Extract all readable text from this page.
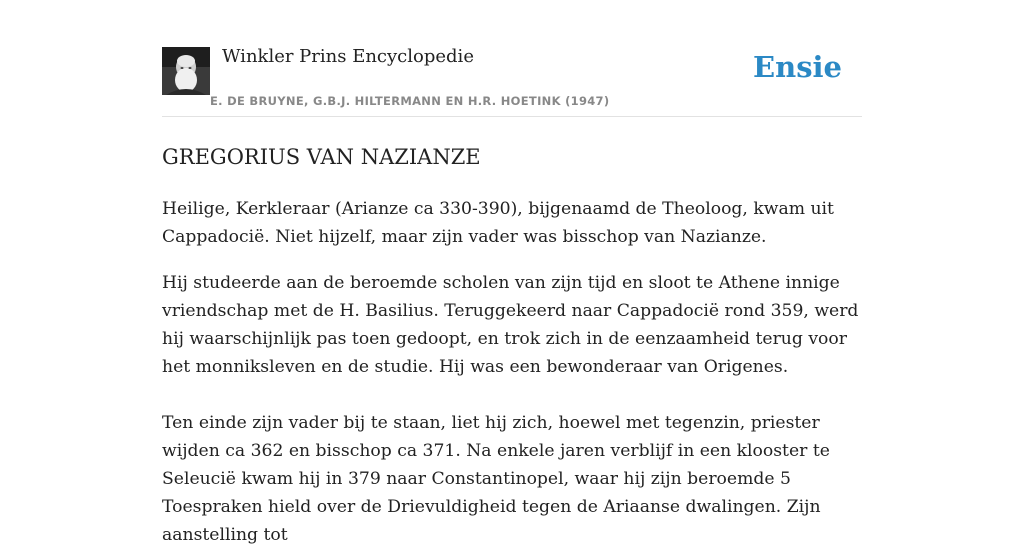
Winkler Prins Encyclopedie
E. DE BRUYNE, G.B.J. HILTERMANN EN H.R. HOETINK (1947)
Ensie
GREGORIUS VAN NAZIANZE

Heilige, Kerkleraar (Arianze ca 330-390), bijgenaamd de Theoloog, kwam uit Cappadocië. Niet hijzelf, maar zijn vader was bisschop van Nazianze.

Hij studeerde aan de beroemde scholen van zijn tijd en sloot te Athene innige vriendschap met de H. Basilius. Teruggekeerd naar Cappadocië rond 359, werd hij waarschijnlijk pas toen gedoopt, en trok zich in de eenzaamheid terug voor het monniksleven en de studie. Hij was een bewonderaar van Origenes.

Ten einde zijn vader bij te staan, liet hij zich, hoewel met tegenzin, priester wijden ca 362 en bisschop ca 371. Na enkele jaren verblijf in een klooster te Seleucië kwam hij in 379 naar Constantinopel, waar hij zijn beroemde 5 Toespraken hield over de Drievuldigheid tegen de Ariaanse dwalingen. Zijn aanstelling tot
